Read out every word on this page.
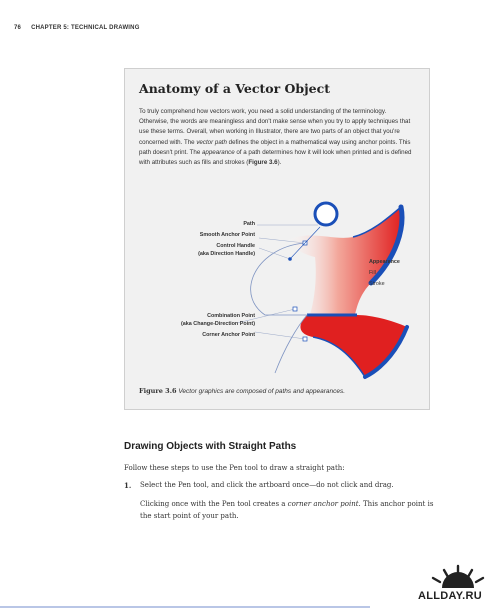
76 CHAPTER 5: TECHNICAL DRAWING
Anatomy of a Vector Object
To truly comprehend how vectors work, you need a solid understanding of the terminology. Otherwise, the words are meaningless and don't make sense when you try to apply techniques that use these terms. Overall, when working in Illustrator, there are two parts of an object that you're concerned with. The vector path defines the object in a mathematical way using anchor points. This path doesn't print. The appearance of a path determines how it will look when printed and is defined with attributes such as fills and strokes (Figure 3.6).
Path
Smooth Anchor Point
Control Handle
(aka Direction Handle)
Appearance
Fill
Stroke
Combination Point
(aka Change-Direction Point)
Corner Anchor Point
Figure 3.6 Vector graphics are composed of paths and appearances.
Drawing Objects with Straight Paths
Follow these steps to use the Pen tool to draw a straight path:
1. Select the Pen tool, and click the artboard once—do not click and drag.
Clicking once with the Pen tool creates a corner anchor point. This anchor point is the start point of your path.
ALLDAY.RU
